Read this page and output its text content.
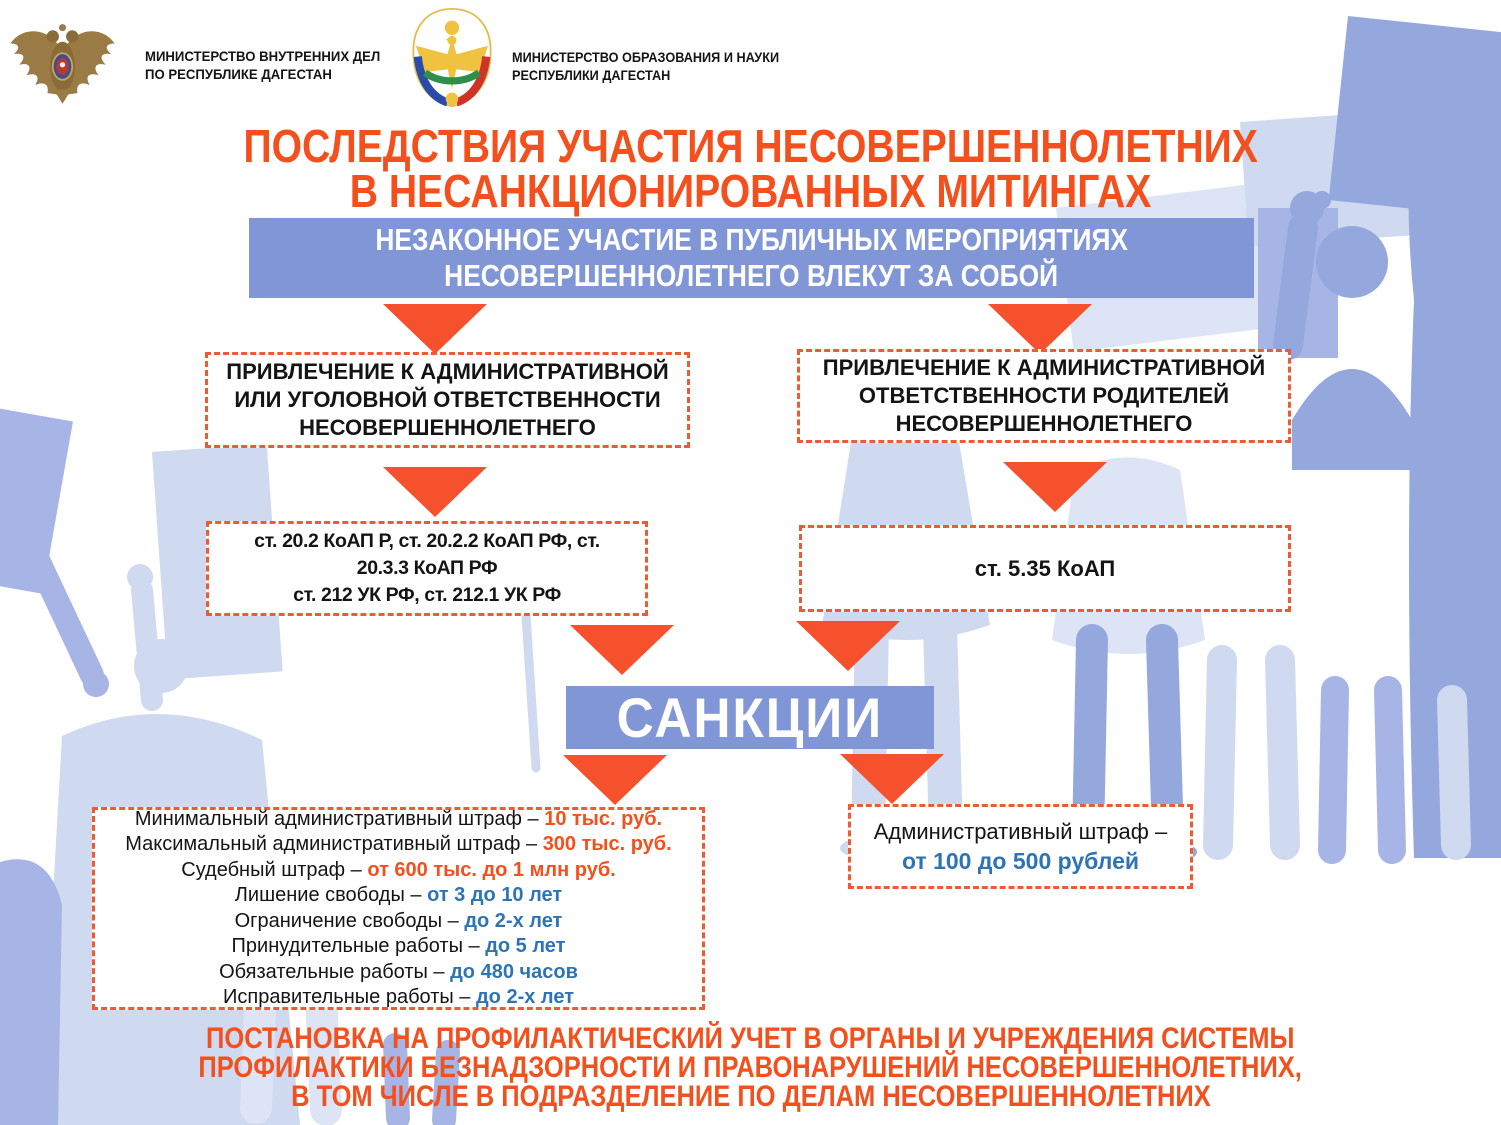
МИНИСТЕРСТВО ВНУТРЕННИХ ДЕЛ
ПО РЕСПУБЛИКЕ ДАГЕСТАН
МИНИСТЕРСТВО ОБРАЗОВАНИЯ И НАУКИ
РЕСПУБЛИКИ ДАГЕСТАН
ПОСЛЕДСТВИЯ УЧАСТИЯ НЕСОВЕРШЕННОЛЕТНИХ
В НЕСАНКЦИОНИРОВАННЫХ МИТИНГАХ
НЕЗАКОННОЕ УЧАСТИЕ В ПУБЛИЧНЫХ МЕРОПРИЯТИЯХ
НЕСОВЕРШЕННОЛЕТНЕГО ВЛЕКУТ ЗА СОБОЙ
ПРИВЛЕЧЕНИЕ К АДМИНИСТРАТИВНОЙ
ИЛИ УГОЛОВНОЙ ОТВЕТСТВЕННОСТИ
НЕСОВЕРШЕННОЛЕТНЕГО
ПРИВЛЕЧЕНИЕ К АДМИНИСТРАТИВНОЙ
ОТВЕТСТВЕННОСТИ РОДИТЕЛЕЙ
НЕСОВЕРШЕННОЛЕТНЕГО
ст. 20.2 КоАП Р, ст. 20.2.2 КоАП РФ, ст.
20.3.3 КоАП РФ
ст. 212 УК РФ, ст. 212.1 УК РФ
ст. 5.35 КоАП
САНКЦИИ
Минимальный административный штраф – 10 тыс. руб.
Максимальный административный штраф – 300 тыс. руб.
Судебный штраф – от 600 тыс. до 1 млн руб.
Лишение свободы – от 3 до 10 лет
Ограничение свободы – до 2-х лет
Принудительные работы – до 5 лет
Обязательные работы – до 480 часов
Исправительные работы – до 2-х лет
Административный штраф –
от 100 до 500 рублей
ПОСТАНОВКА НА ПРОФИЛАКТИЧЕСКИЙ УЧЕТ В ОРГАНЫ И УЧРЕЖДЕНИЯ СИСТЕМЫ
ПРОФИЛАКТИКИ БЕЗНАДЗОРНОСТИ И ПРАВОНАРУШЕНИЙ НЕСОВЕРШЕННОЛЕТНИХ,
В ТОМ ЧИСЛЕ В ПОДРАЗДЕЛЕНИЕ ПО ДЕЛАМ НЕСОВЕРШЕННОЛЕТНИХ
